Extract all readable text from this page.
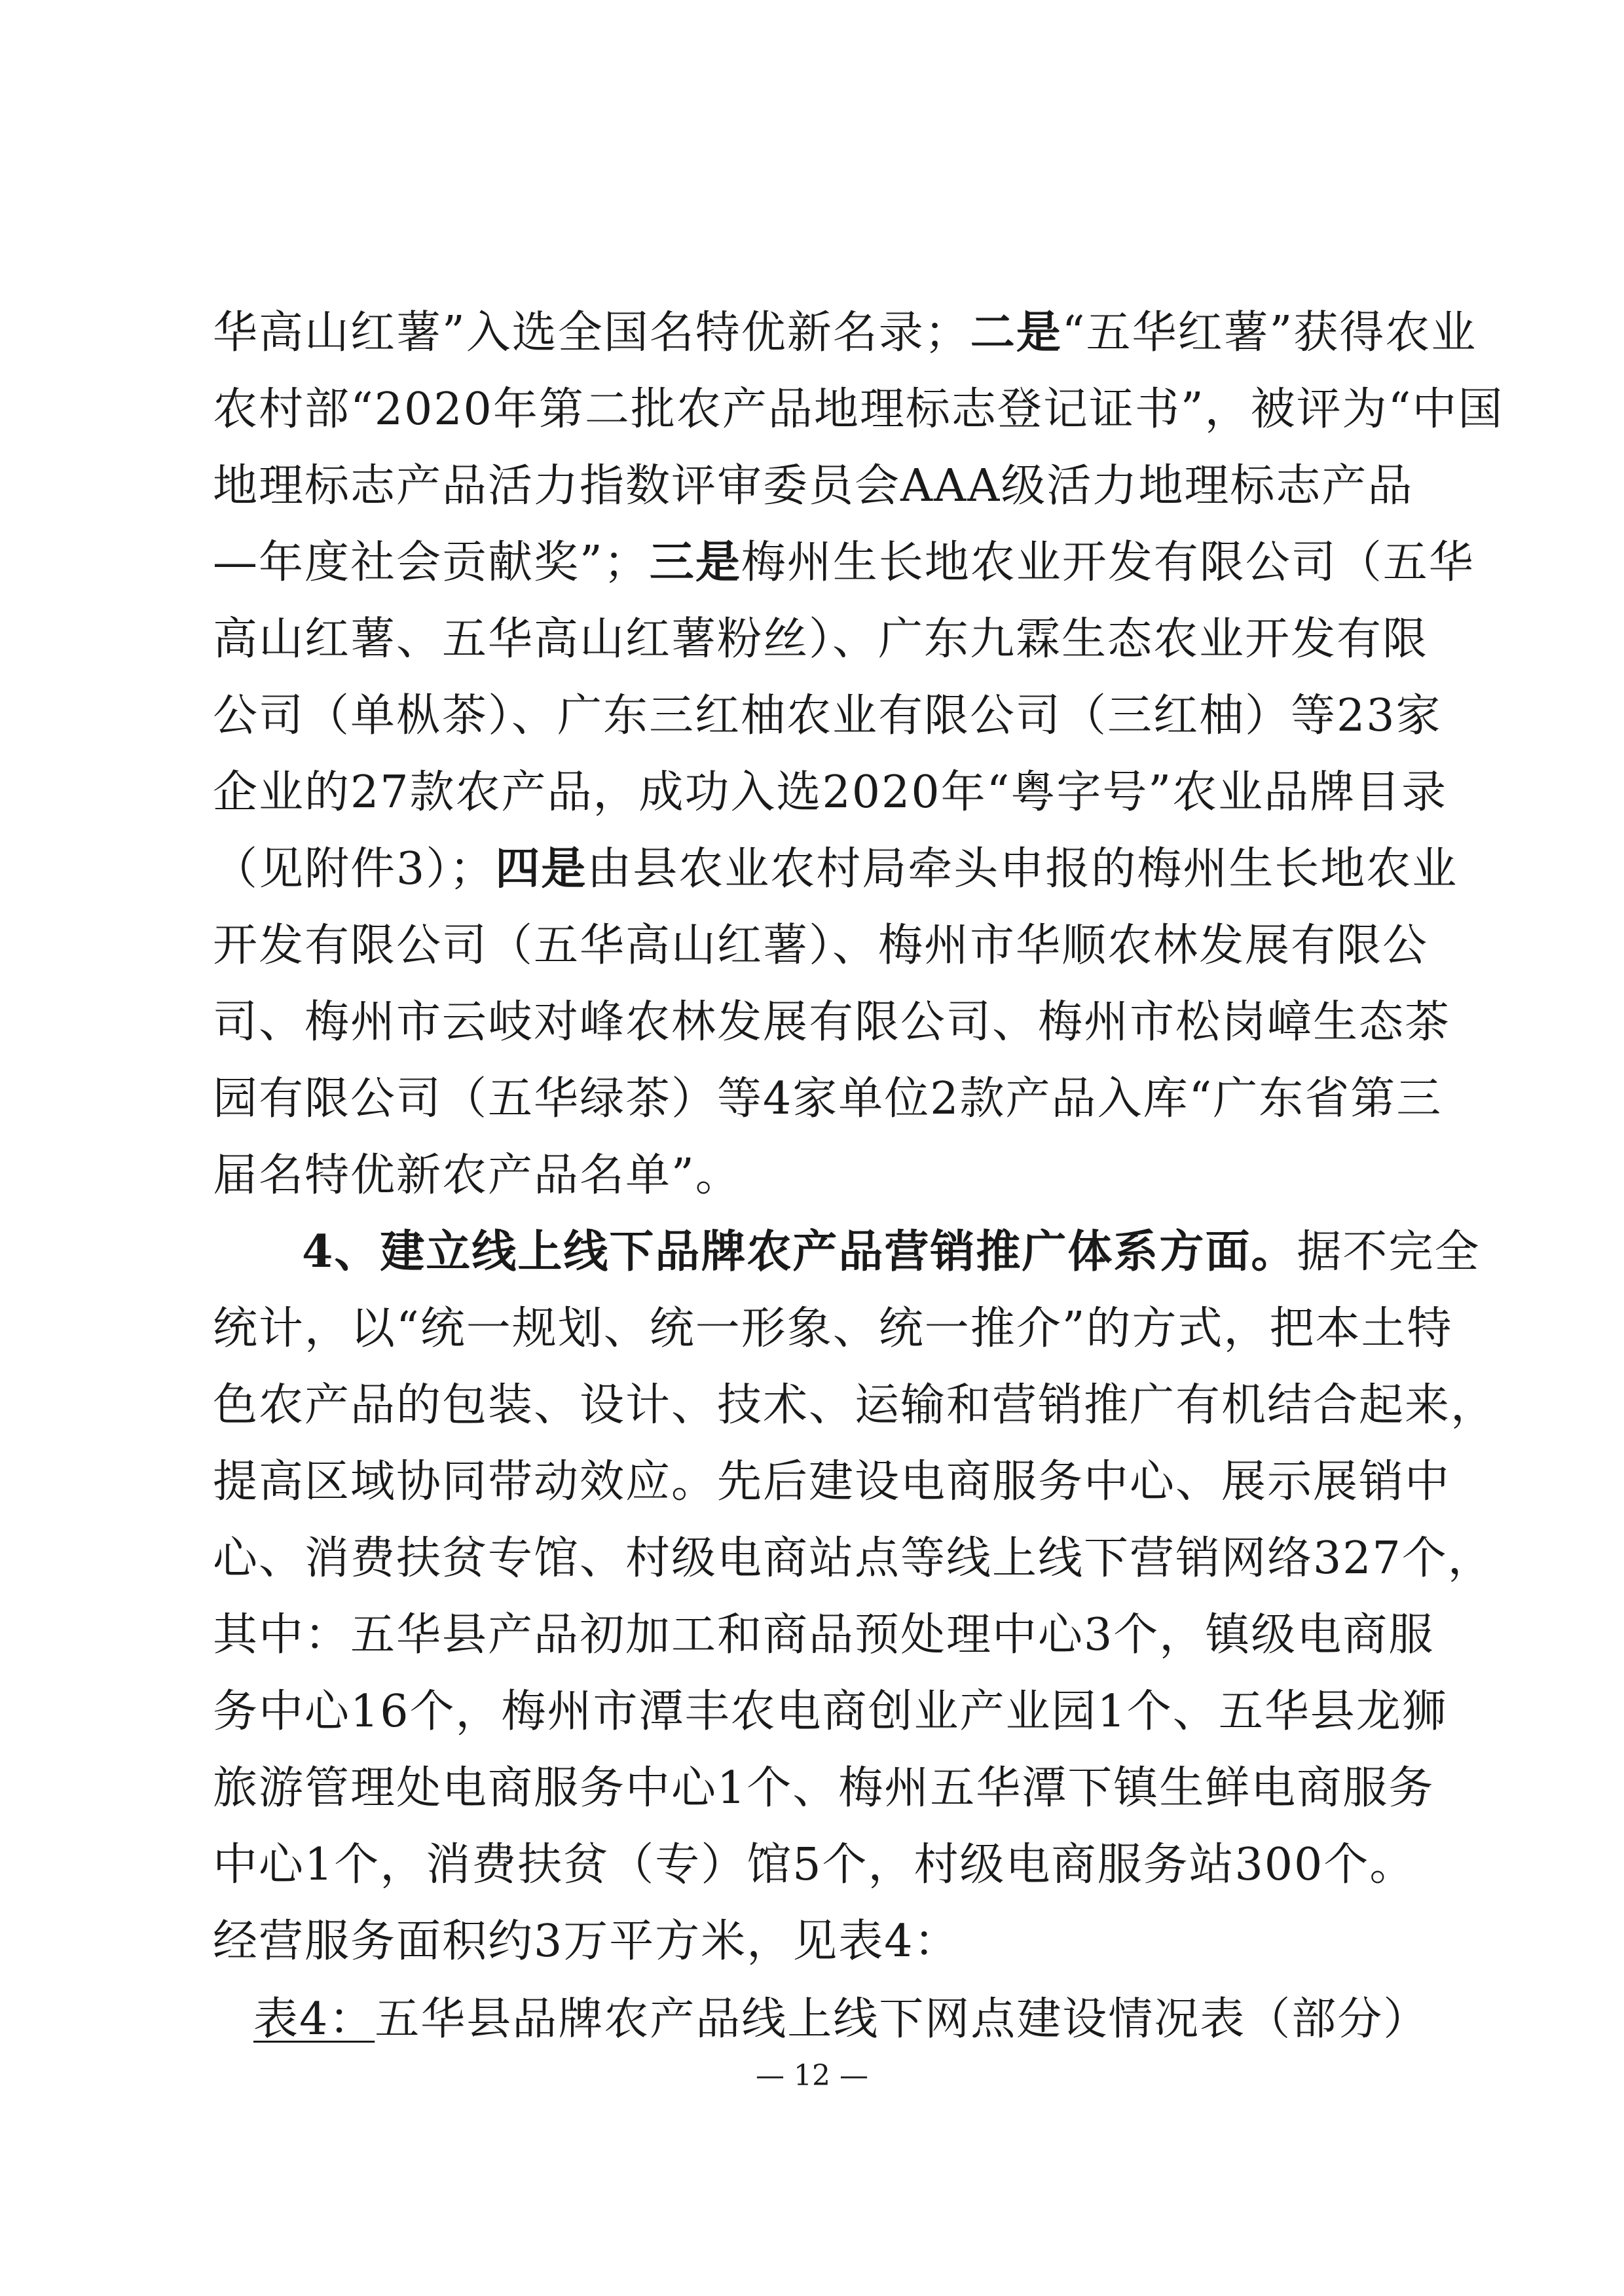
华高山红薯”入选全国名特优新名录；二是“五华红薯”获得农业
农村部“2020年第二批农产品地理标志登记证书”，被评为“中国
地理标志产品活力指数评审委员会AAA级活力地理标志产品
—年度社会贡献奖”；三是梅州生长地农业开发有限公司（五华
高山红薯、五华高山红薯粉丝）、广东九霖生态农业开发有限
公司（单枞茶）、广东三红柚农业有限公司（三红柚）等23家
企业的27款农产品，成功入选2020年“粤字号”农业品牌目录
（见附件3）；四是由县农业农村局牵头申报的梅州生长地农业
开发有限公司（五华高山红薯）、梅州市华顺农林发展有限公
司、梅州市云岐对峰农林发展有限公司、梅州市松岗嶂生态茶
园有限公司（五华绿茶）等4家单位2款产品入库“广东省第三
届名特优新农产品名单”。
4、建立线上线下品牌农产品营销推广体系方面。据不完全
统计，以“统一规划、统一形象、统一推介”的方式，把本土特
色农产品的包装、设计、技术、运输和营销推广有机结合起来，
提高区域协同带动效应。先后建设电商服务中心、展示展销中
心、消费扶贫专馆、村级电商站点等线上线下营销网络327个，
其中：五华县产品初加工和商品预处理中心3个，镇级电商服
务中心16个，梅州市潭丰农电商创业产业园1个、五华县龙狮
旅游管理处电商服务中心1个、梅州五华潭下镇生鲜电商服务
中心1个，消费扶贫（专）馆5个，村级电商服务站300个。
经营服务面积约3万平方米，见表4：
表4：五华县品牌农产品线上线下网点建设情况表（部分）
— 12 —
